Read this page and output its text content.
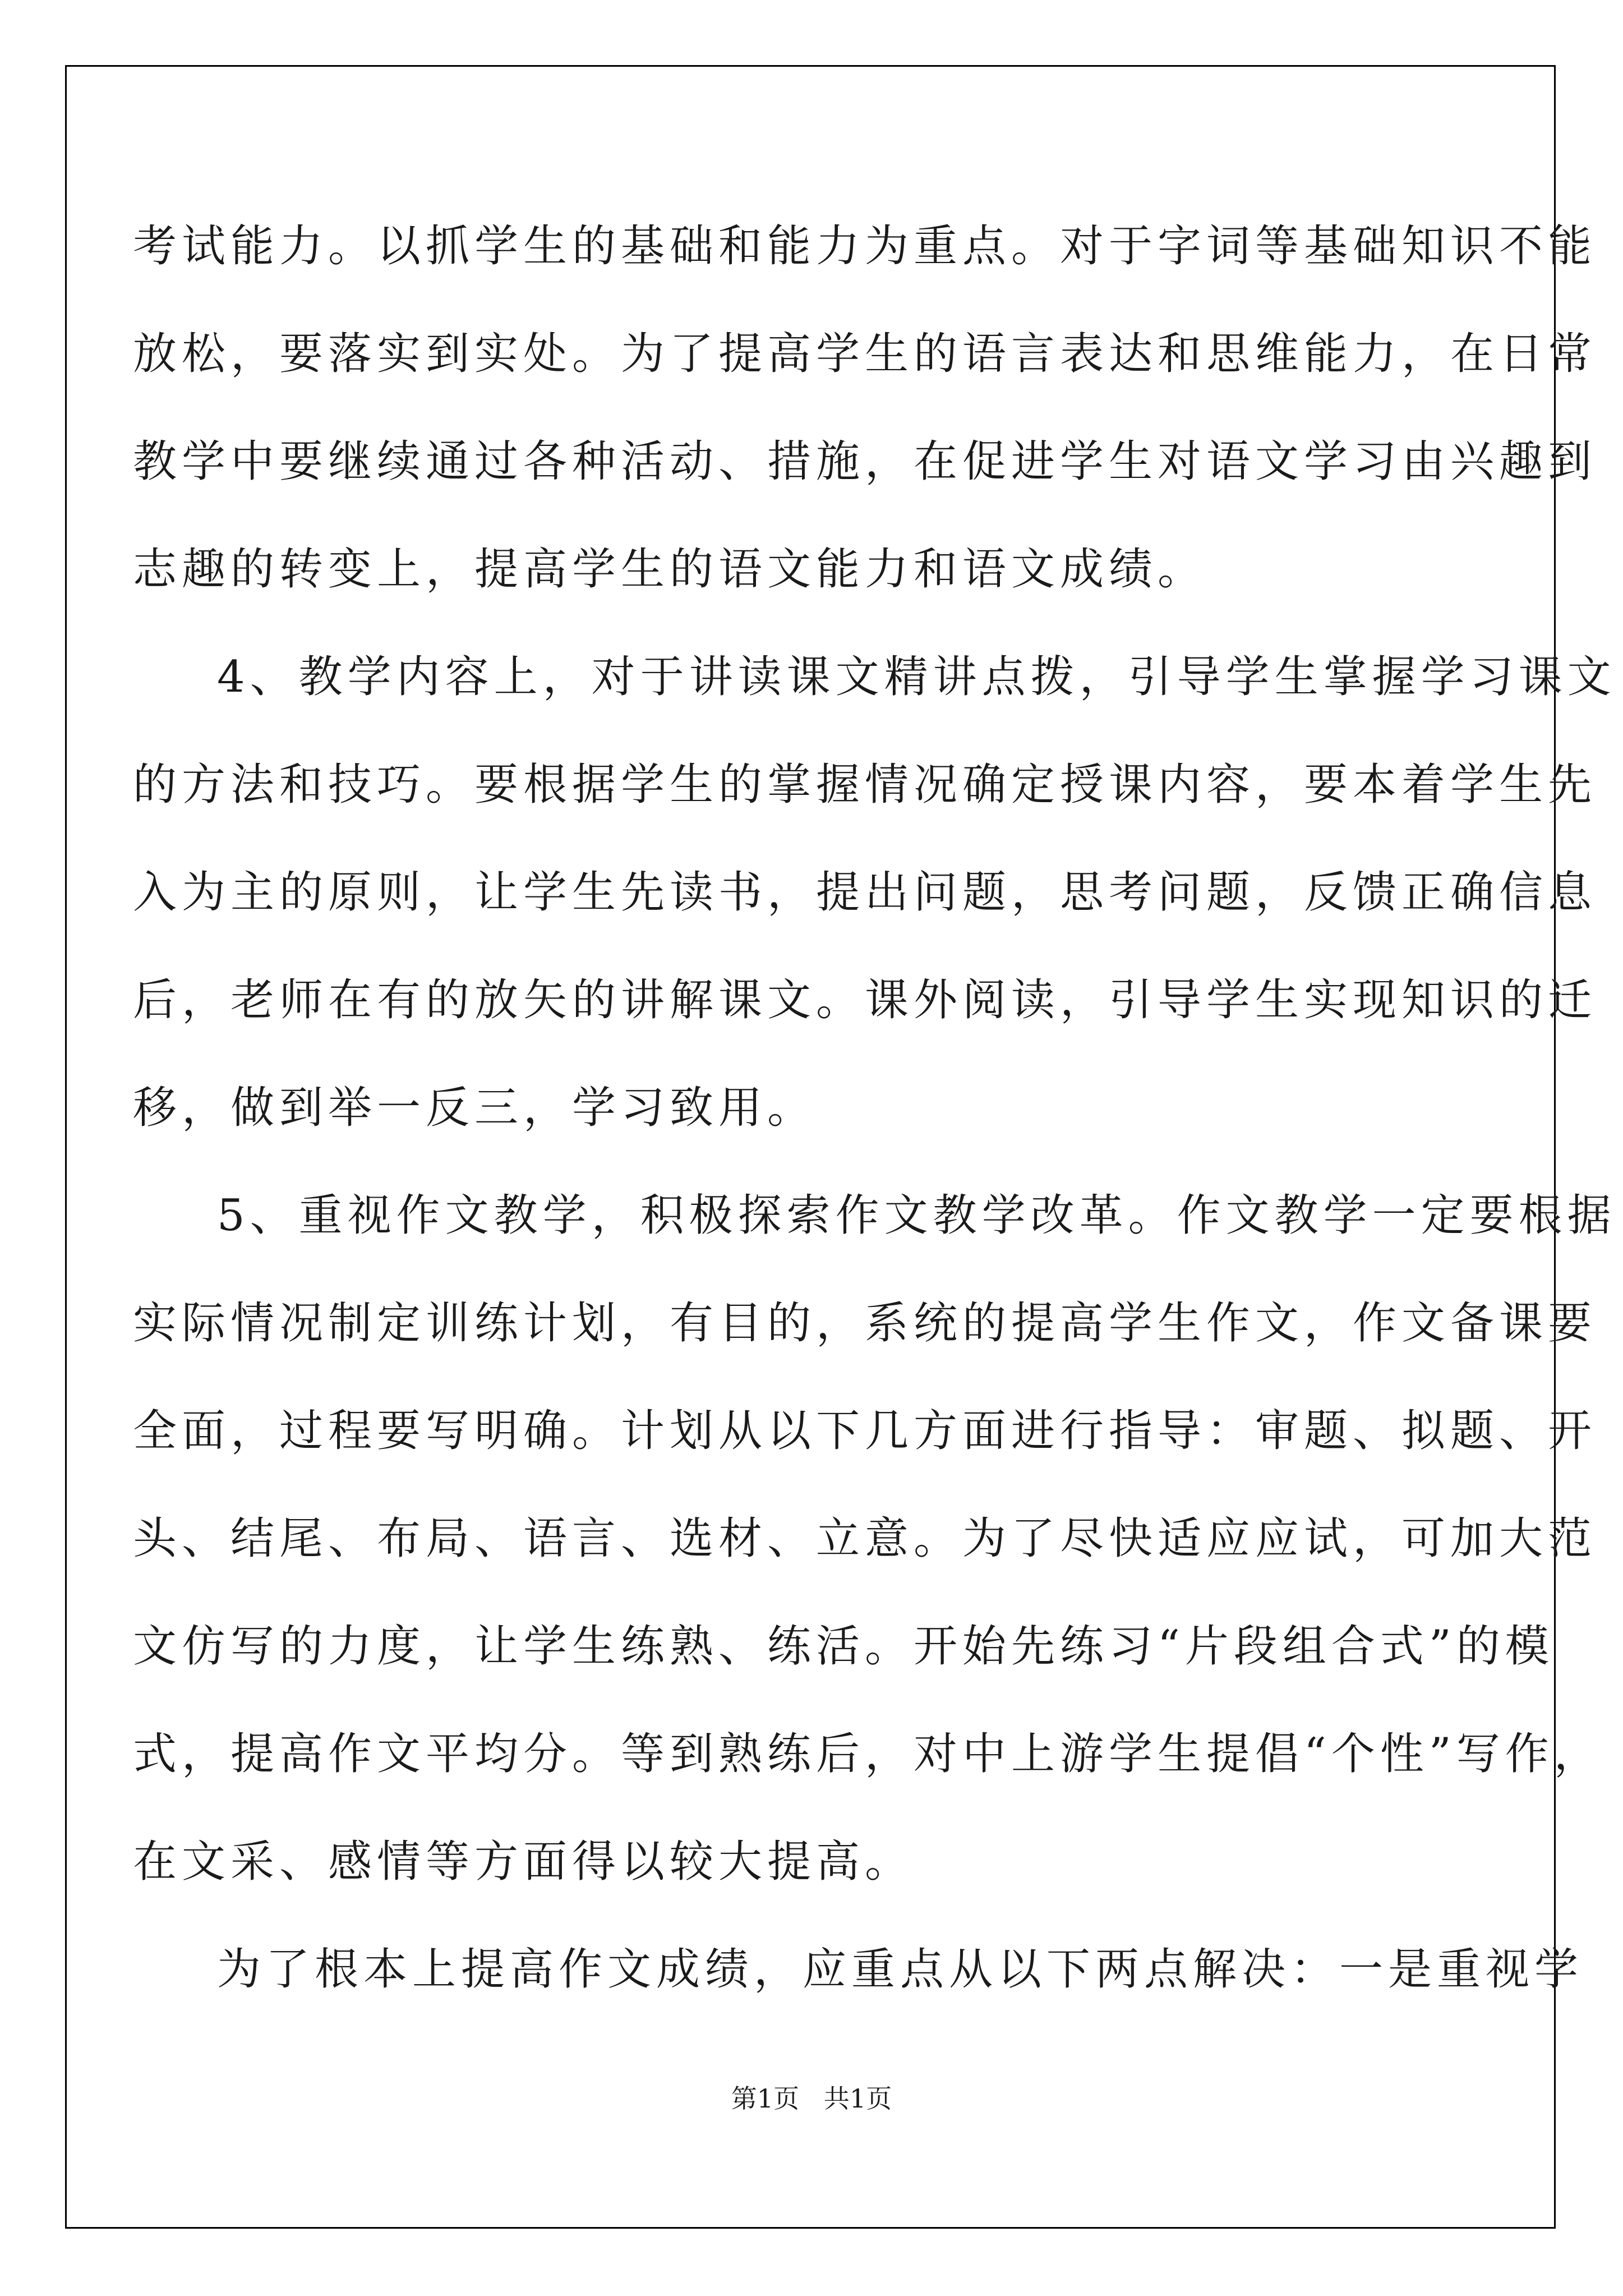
考试能力。以抓学生的基础和能力为重点。对于字词等基础知识不能
放松，要落实到实处。为了提高学生的语言表达和思维能力，在日常
教学中要继续通过各种活动、措施，在促进学生对语文学习由兴趣到
志趣的转变上，提高学生的语文能力和语文成绩。
4、教学内容上，对于讲读课文精讲点拨，引导学生掌握学习课文
的方法和技巧。要根据学生的掌握情况确定授课内容，要本着学生先
入为主的原则，让学生先读书，提出问题，思考问题，反馈正确信息
后，老师在有的放矢的讲解课文。课外阅读，引导学生实现知识的迁
移，做到举一反三，学习致用。
5、重视作文教学，积极探索作文教学改革。作文教学一定要根据
实际情况制定训练计划，有目的，系统的提高学生作文，作文备课要
全面，过程要写明确。计划从以下几方面进行指导：审题、拟题、开
头、结尾、布局、语言、选材、立意。为了尽快适应应试，可加大范
文仿写的力度，让学生练熟、练活。开始先练习“片段组合式”的模
式，提高作文平均分。等到熟练后，对中上游学生提倡“个性”写作，
在文采、感情等方面得以较大提高。
为了根本上提高作文成绩，应重点从以下两点解决：一是重视学
第1页   共1页
